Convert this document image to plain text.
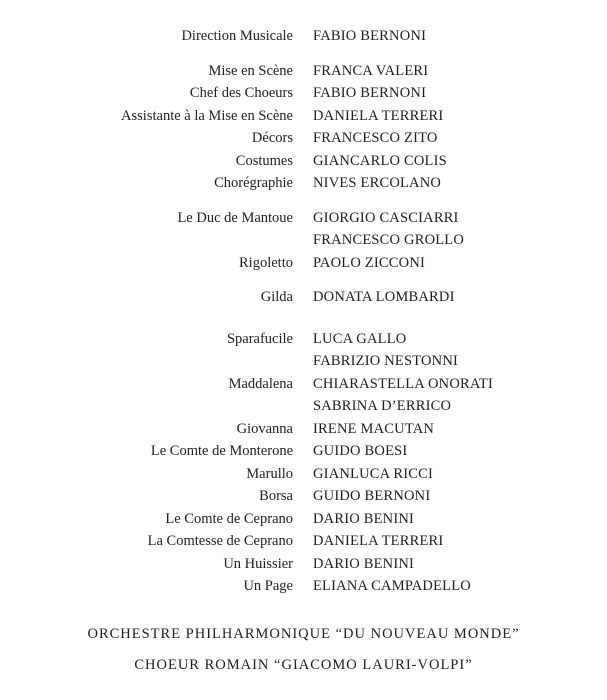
Direction Musicale FABIO BERNONI
Mise en Scène FRANCA VALERI
Chef des Choeurs FABIO BERNONI
Assistante à la Mise en Scène DANIELA TERRERI
Décors FRANCESCO ZITO
Costumes GIANCARLO COLIS
Chorégraphie NIVES ERCOLANO
Le Duc de Mantoue GIORGIO CASCIARRI
FRANCESCO GROLLO
Rigoletto PAOLO ZICCONI
Gilda DONATA LOMBARDI
Sparafucile LUCA GALLO
FABRIZIO NESTONNI
Maddalena CHIARASTELLA ONORATI
SABRINA D’ERRICO
Giovanna IRENE MACUTAN
Le Comte de Monterone GUIDO BOESI
Marullo GIANLUCA RICCI
Borsa GUIDO BERNONI
Le Comte de Ceprano DARIO BENINI
La Comtesse de Ceprano DANIELA TERRERI
Un Huissier DARIO BENINI
Un Page ELIANA CAMPADELLO
ORCHESTRE PHILHARMONIQUE “DU NOUVEAU MONDE”
CHOEUR ROMAIN “GIACOMO LAURI-VOLPI”
